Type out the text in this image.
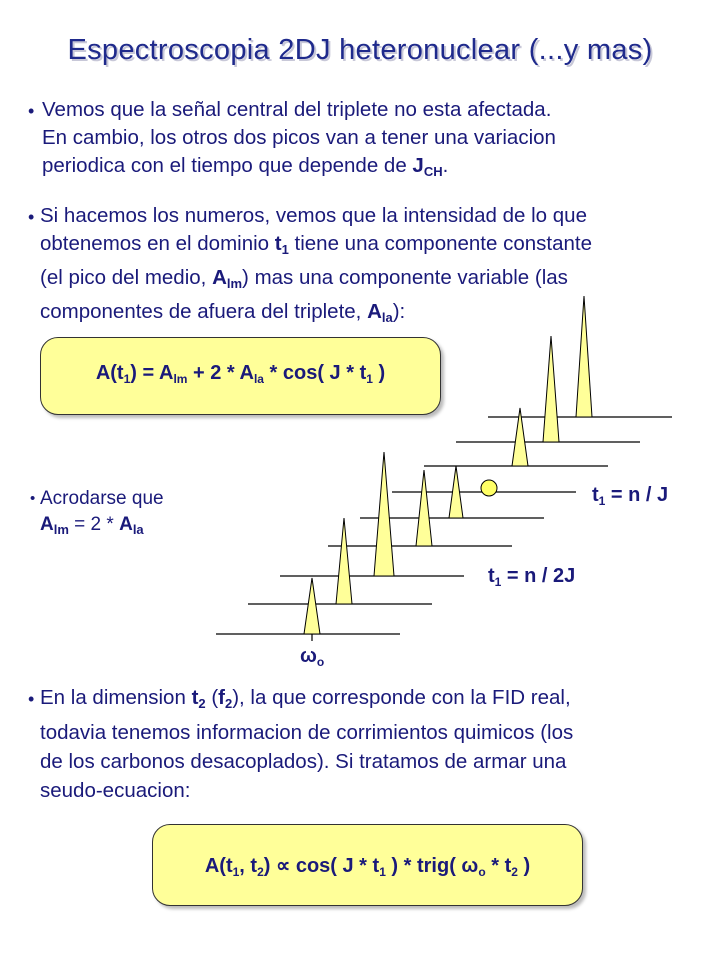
Espectroscopia 2DJ heteronuclear (...y mas)
• Vemos que la señal central del triplete no esta afectada.
En cambio, los otros dos picos van a tener una variacion
periodica con el tiempo que depende de $J_{CH}$.
• Si hacemos los numeros, vemos que la intensidad de lo que
obtenemos en el dominio $t_1$ tiene una componente constante
(el pico del medio, $A_{lm}$) mas una componente variable (las
componentes de afuera del triplete, $A_{la}$):
$A(t_1) = A_{lm} + 2 * A_{la} * \cos$( J * $t_1$ )
$t_1 = n / J$
$t_1 = n / 2J$
$\omega_o$
• Acrodarse que
$A_{lm} = 2 * A_{la}$
• En la dimension $t_2$ $(f_2)$, la que corresponde con la FID real,
todavia tenemos informacion de corrimientos quimicos (los
de los carbonos desacoplados). Si tratamos de armar una
seudo-ecuacion:
$A(t_1$, $t_2) \propto \cos$( J * $t_1$ ) * trig( $\omega_o * t_2$ )
